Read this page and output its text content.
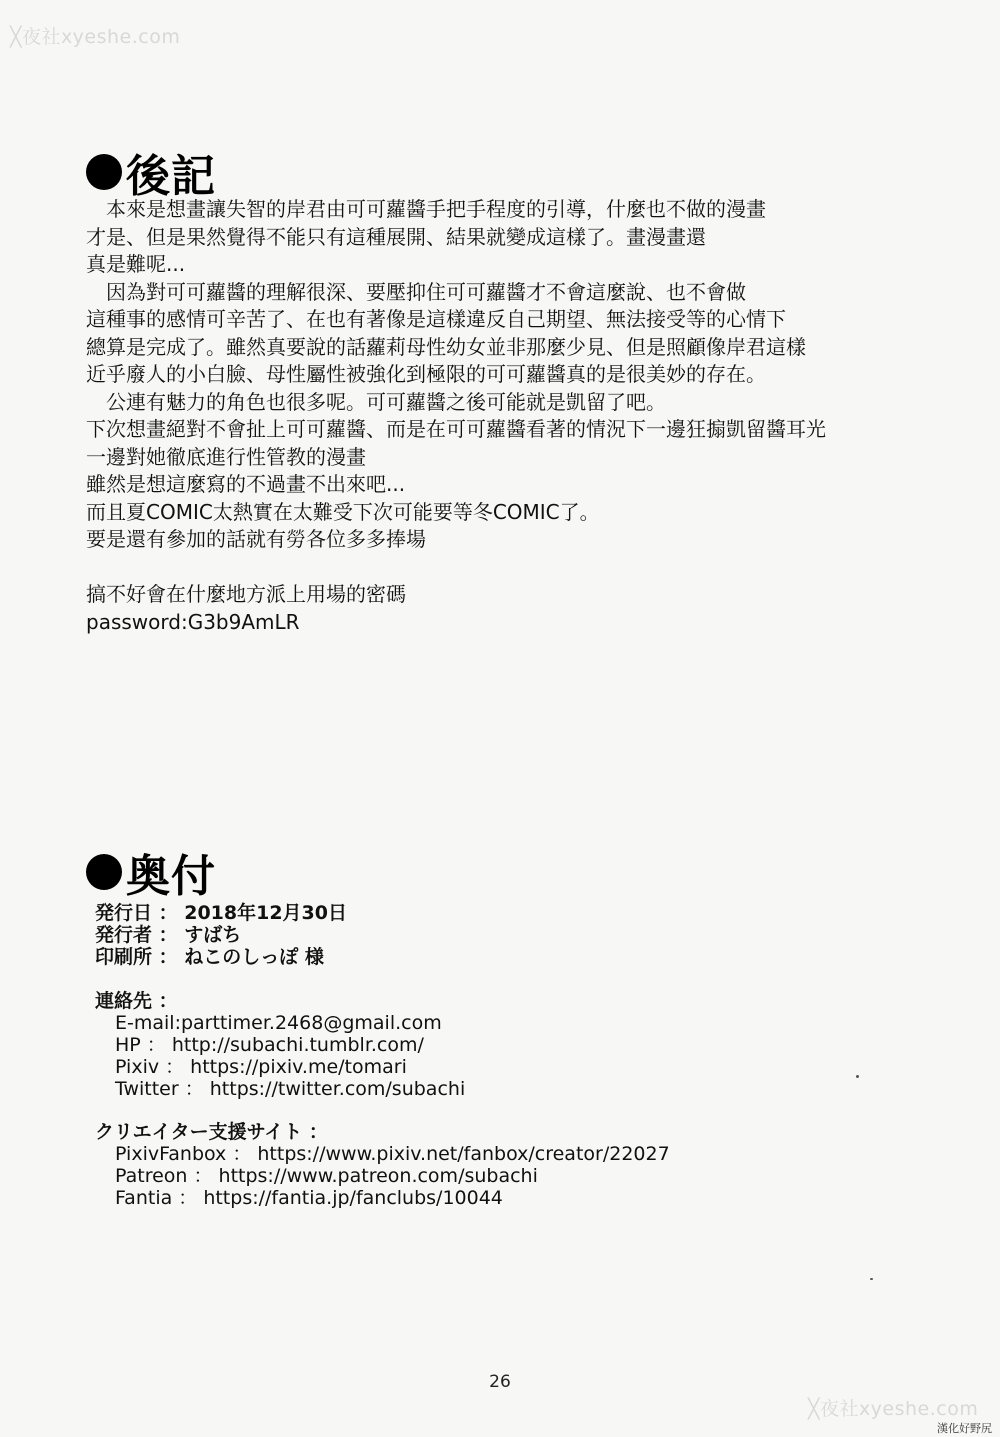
╳夜社xyeshe.com
後記
本來是想畫讓失智的岸君由可可蘿醬手把手程度的引導，什麼也不做的漫畫
才是、但是果然覺得不能只有這種展開、結果就變成這樣了。畫漫畫還
真是難呢...
因為對可可蘿醬的理解很深、要壓抑住可可蘿醬才不會這麼說、也不會做
這種事的感情可辛苦了、在也有著像是這樣違反自己期望、無法接受等的心情下
總算是完成了。雖然真要說的話蘿莉母性幼女並非那麼少見、但是照顧像岸君這樣
近乎廢人的小白臉、母性屬性被強化到極限的可可蘿醬真的是很美妙的存在。
公連有魅力的角色也很多呢。可可蘿醬之後可能就是凱留了吧。
下次想畫絕對不會扯上可可蘿醬、而是在可可蘿醬看著的情況下一邊狂搧凱留醬耳光
一邊對她徹底進行性管教的漫畫
雖然是想這麼寫的不過畫不出來吧...
而且夏COMIC太熱實在太難受下次可能要等冬COMIC了。
要是還有參加的話就有勞各位多多捧場
搞不好會在什麼地方派上用場的密碼
password:G3b9AmLR
奥付
発行日 ： 2018年12月30日
発行者 ： すばち
印刷所 ： ねこのしっぽ 様
連絡先 ：
E-mail:parttimer.2468@gmail.com
HP ： http://subachi.tumblr.com/
Pixiv ： https://pixiv.me/tomari
Twitter ： https://twitter.com/subachi
クリエイター支援サイト ：
PixivFanbox ： https://www.pixiv.net/fanbox/creator/22027
Patreon ： https://www.patreon.com/subachi
Fantia ： https://fantia.jp/fanclubs/10044
26
╳夜社xyeshe.com
漢化好野尻
